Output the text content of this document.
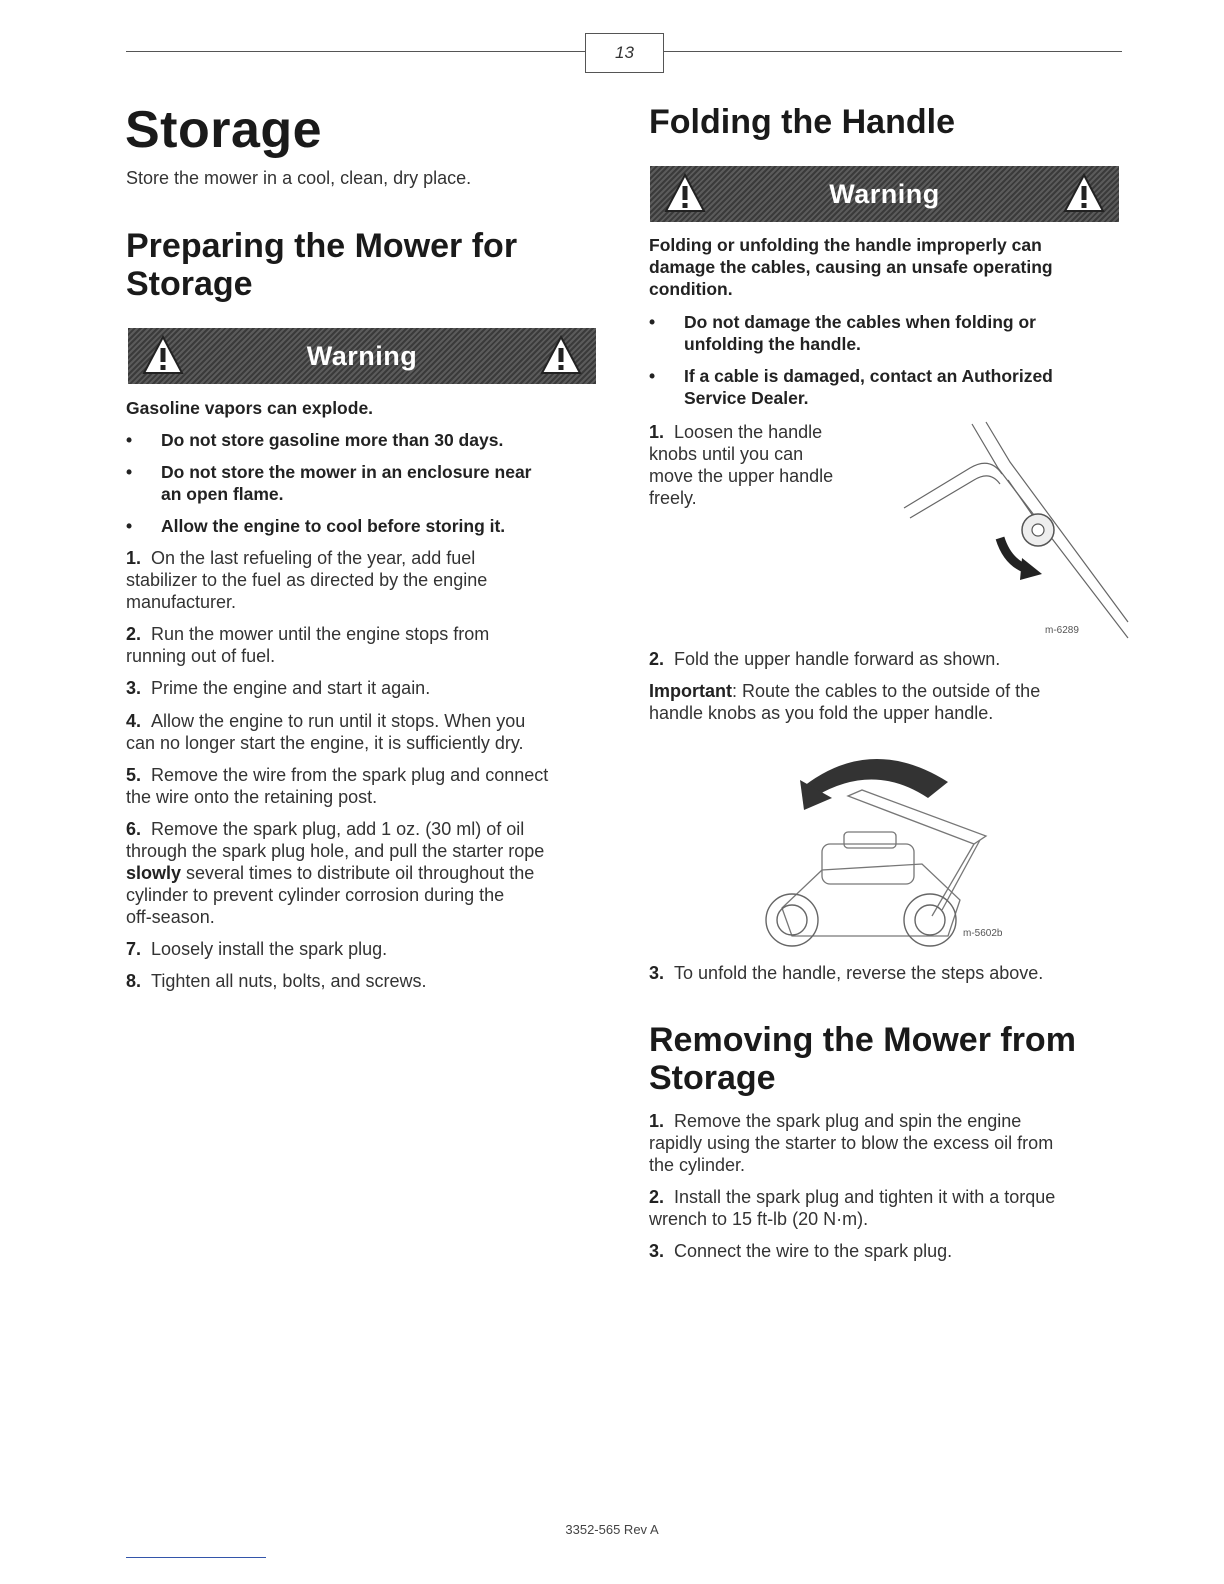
13
Storage
Store the mower in a cool, clean, dry place.
Preparing the Mower for
Storage
Warning
Gasoline vapors can explode.
• Do not store gasoline more than 30 days.
• Do not store the mower in an enclosure near
an open flame.
• Allow the engine to cool before storing it.
1. On the last refueling of the year, add fuel
stabilizer to the fuel as directed by the engine
manufacturer.
2. Run the mower until the engine stops from
running out of fuel.
3. Prime the engine and start it again.
4. Allow the engine to run until it stops. When you
can no longer start the engine, it is sufficiently dry.
5. Remove the wire from the spark plug and connect
the wire onto the retaining post.
6. Remove the spark plug, add 1 oz. (30 ml) of oil
through the spark plug hole, and pull the starter rope
slowly several times to distribute oil throughout the
cylinder to prevent cylinder corrosion during the
off-season.
7. Loosely install the spark plug.
8. Tighten all nuts, bolts, and screws.
Folding the Handle
Warning
Folding or unfolding the handle improperly can
damage the cables, causing an unsafe operating
condition.
• Do not damage the cables when folding or
unfolding the handle.
• If a cable is damaged, contact an Authorized
Service Dealer.
1. Loosen the handle
knobs until you can
move the upper handle
freely.
m-6289
2. Fold the upper handle forward as shown.
Important: Route the cables to the outside of the
handle knobs as you fold the upper handle.
m-5602b
3. To unfold the handle, reverse the steps above.
Removing the Mower from
Storage
1. Remove the spark plug and spin the engine
rapidly using the starter to blow the excess oil from
the cylinder.
2. Install the spark plug and tighten it with a torque
wrench to 15 ft-lb (20 N·m).
3. Connect the wire to the spark plug.
3352-565 Rev A
